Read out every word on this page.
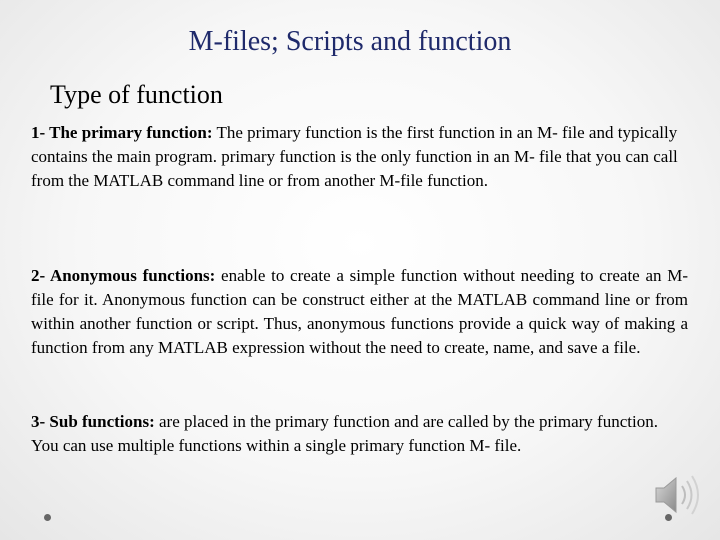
M-files; Scripts and function
Type of function

1- The primary function: The primary function is the first function in an M- file and typically contains the main program. primary function is the only function in an M- file that you can call from the MATLAB command line or from another M-file function.

2- Anonymous functions: enable to create a simple function without needing to create an M- file for it. Anonymous function can be construct either at the MATLAB command line or from within another function or script. Thus, anonymous functions provide a quick way of making a function from any MATLAB expression without the need to create, name, and save a file.

3- Sub functions: are placed in the primary function and are called by the primary function. You can use multiple functions within a single primary function M- file.
